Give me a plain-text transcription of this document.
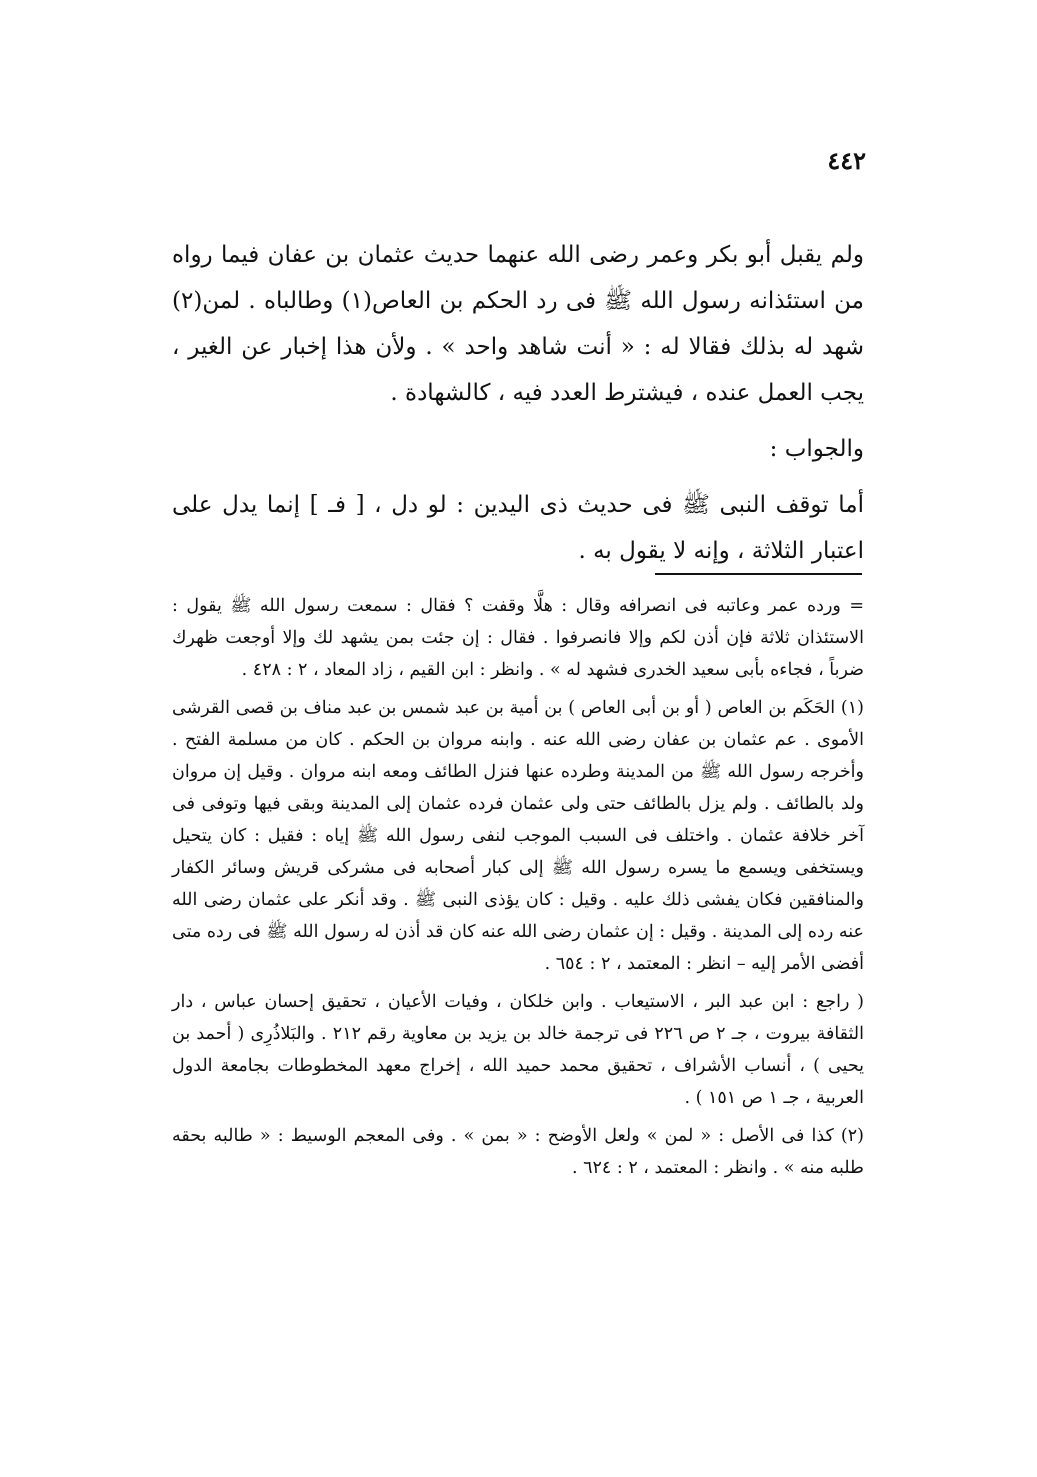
٤٤٢

ولم يقبل أبو بكر وعمر رضى الله عنهما حديث عثمان بن عفان فيما رواه من استئذانه رسول الله ﷺ فى رد الحكم بن العاص(١) وطالباه . لمن(٢) شهد له بذلك فقالا له : « أنت شاهد واحد » . ولأن هذا إخبار عن الغير ، يجب العمل عنده ، فيشترط العدد فيه ، كالشهادة .

والجواب :

أما توقف النبى ﷺ فى حديث ذى اليدين : لو دل ، [ فـ ] إنما يدل على اعتبار الثلاثة ، وإنه لا يقول به .

= ورده عمر وعاتبه فى انصرافه وقال : هلَّا وقفت ؟ فقال : سمعت رسول الله ﷺ يقول : الاستئذان ثلاثة فإن أذن لكم وإلا فانصرفوا . فقال : إن جئت بمن يشهد لك وإلا أوجعت ظهرك ضرباً ، فجاءه بأبى سعيد الخدرى فشهد له » . وانظر : ابن القيم ، زاد المعاد ، ٢ : ٤٢٨ .

(١) الحَكَم بن العاص ( أو بن أبى العاص ) بن أمية بن عبد شمس بن عبد مناف بن قصى القرشى الأموى . عم عثمان بن عفان رضى الله عنه . وابنه مروان بن الحكم . كان من مسلمة الفتح . وأخرجه رسول الله ﷺ من المدينة وطرده عنها فنزل الطائف ومعه ابنه مروان . وقيل إن مروان ولد بالطائف . ولم يزل بالطائف حتى ولى عثمان فرده عثمان إلى المدينة وبقى فيها وتوفى فى آخر خلافة عثمان . واختلف فى السبب الموجب لنفى رسول الله ﷺ إياه : فقيل : كان يتحيل ويستخفى ويسمع ما يسره رسول الله ﷺ إلى كبار أصحابه فى مشركى قريش وسائر الكفار والمنافقين فكان يفشى ذلك عليه . وقيل : كان يؤذى النبى ﷺ . وقد أنكر على عثمان رضى الله عنه رده إلى المدينة . وقيل : إن عثمان رضى الله عنه كان قد أذن له رسول الله ﷺ فى رده متى أفضى الأمر إليه – انظر : المعتمد ، ٢ : ٦٥٤ .

( راجع : ابن عبد البر ، الاستيعاب . وابن خلكان ، وفيات الأعيان ، تحقيق إحسان عباس ، دار الثقافة بيروت ، جـ ٢ ص ٢٢٦ فى ترجمة خالد بن يزيد بن معاوية رقم ٢١٢ . والبَلاذُرِى ( أحمد بن يحيى ) ، أنساب الأشراف ، تحقيق محمد حميد الله ، إخراج معهد المخطوطات بجامعة الدول العربية ، جـ ١ ص ١٥١ ) .

(٢) كذا فى الأصل : « لمن » ولعل الأوضح : « بمن » . وفى المعجم الوسيط : « طالبه بحقه طلبه منه » . وانظر : المعتمد ، ٢ : ٦٢٤ .
